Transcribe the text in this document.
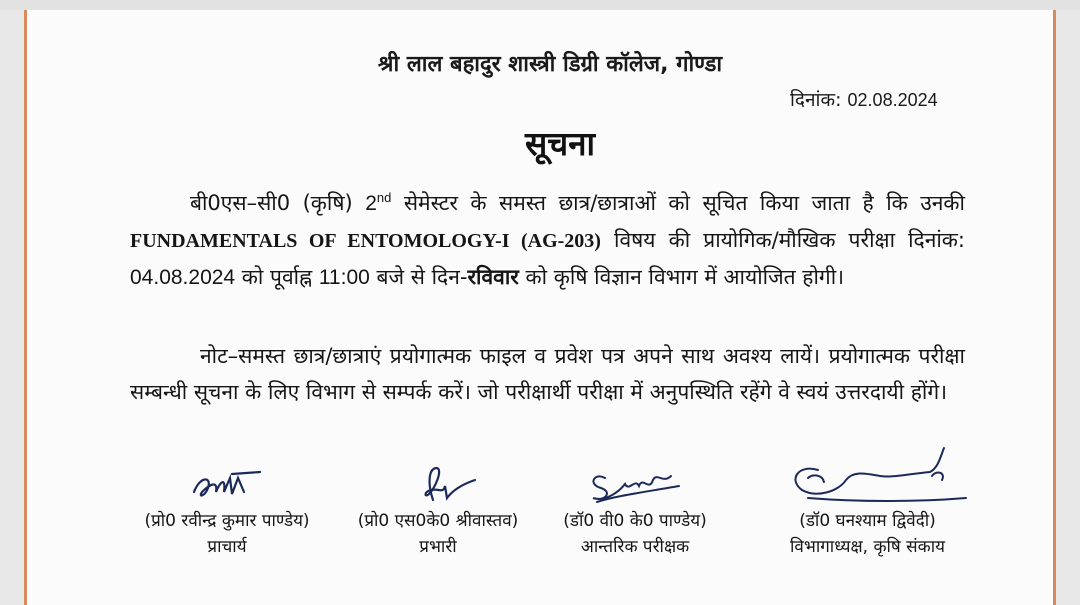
श्री लाल बहादुर शास्त्री डिग्री कॉलेज, गोण्डा
दिनांक: 02.08.2024
सूचना
बी0एस–सी0 (कृषि) 2nd सेमेस्टर के समस्त छात्र/छात्राओं को सूचित किया जाता है कि उनकी FUNDAMENTALS OF ENTOMOLOGY-I (AG-203) विषय की प्रायोगिक/मौखिक परीक्षा दिनांक: 04.08.2024 को पूर्वाह्न 11:00 बजे से दिन-रविवार को कृषि विज्ञान विभाग में आयोजित होगी।
नोट–समस्त छात्र/छात्राएं प्रयोगात्मक फाइल व प्रवेश पत्र अपने साथ अवश्य लायें। प्रयोगात्मक परीक्षा सम्बन्धी सूचना के लिए विभाग से सम्पर्क करें। जो परीक्षार्थी परीक्षा में अनुपस्थिति रहेंगे वे स्वयं उत्तरदायी होंगे।
(प्रो0 रवीन्द्र कुमार पाण्डेय)
प्राचार्य
(प्रो0 एस0के0 श्रीवास्तव)
प्रभारी
(डॉ0 वी0 के0 पाण्डेय)
आन्तरिक परीक्षक
(डॉ0 घनश्याम द्विवेदी)
विभागाध्यक्ष, कृषि संकाय
